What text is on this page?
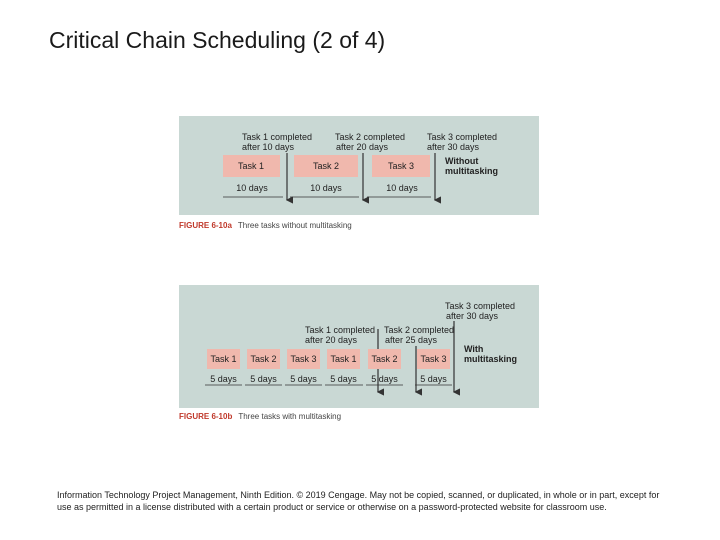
Critical Chain Scheduling (2 of 4)
Task 1 completed
after 10 days
Task 2 completed
after 20 days
Task 3 completed
after 30 days
Task 1	Task 2	Task 3	Without
multitasking
10 days	10 days	10 days
FIGURE 6-10a Three tasks without multitasking
Task 3 completed
after 30 days
Task 1 completed
after 20 days
Task 2 completed
after 25 days
Task 1 Task 2 Task 3 Task 1 Task 2	Task 3
With
multitasking
5 days 5 days 5 days 5 days 5 days 5 days
FIGURE 6-10b Three tasks with multitasking
Information Technology Project Management, Ninth Edition. © 2019 Cengage. May not be copied, scanned, or duplicated, in whole or in part, except for use as permitted in a license distributed with a certain product or service or otherwise on a password-protected website for classroom use.
